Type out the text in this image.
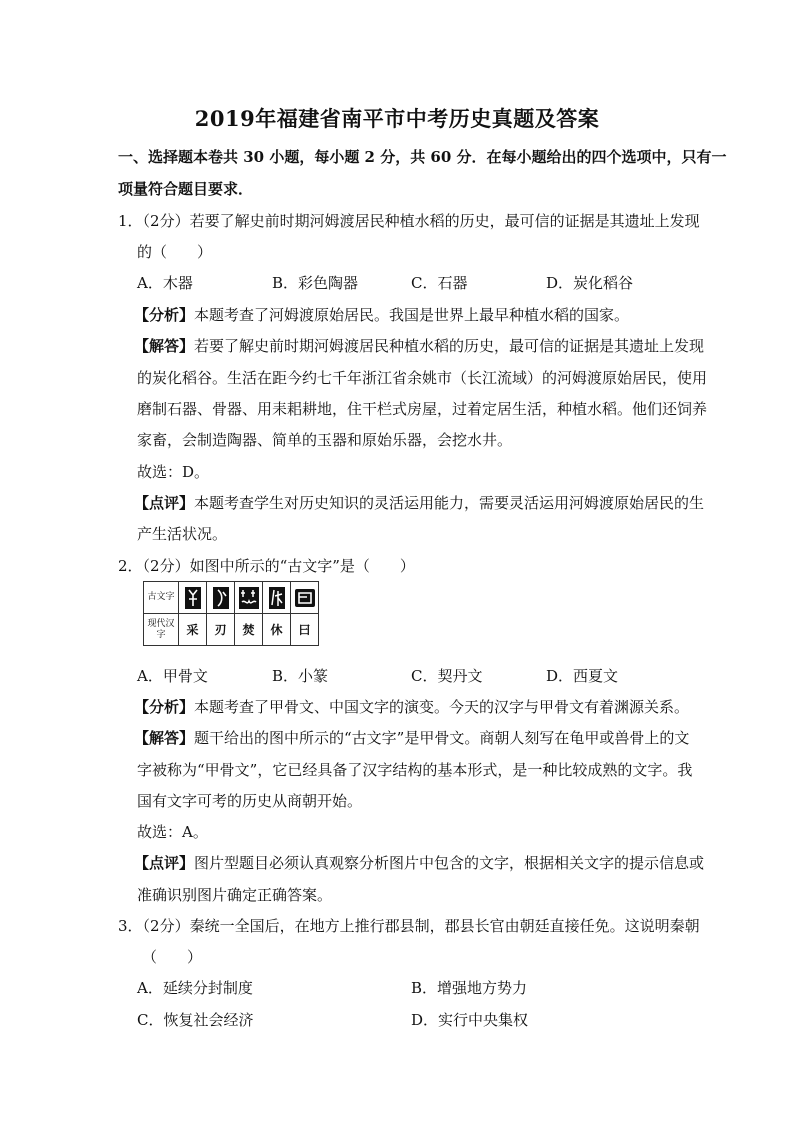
2019年福建省南平市中考历史真题及答案
一、选择题本卷共 30 小题，每小题 2 分，共 60 分．在每小题给出的四个选项中，只有一
项量符合题目要求．
1．（2分）若要了解史前时期河姆渡居民种植水稻的历史，最可信的证据是其遗址上发现
的（　　）
A．木器	B．彩色陶器	C．石器	D．炭化稻谷
【分析】本题考查了河姆渡原始居民。我国是世界上最早种植水稻的国家。
【解答】若要了解史前时期河姆渡居民种植水稻的历史，最可信的证据是其遗址上发现
的炭化稻谷。生活在距今约七千年浙江省余姚市（长江流域）的河姆渡原始居民，使用
磨制石器、骨器、用耒耜耕地，住干栏式房屋，过着定居生活，种植水稻。他们还饲养
家畜，会制造陶器、简单的玉器和原始乐器，会挖水井。
故选：D。
【点评】本题考查学生对历史知识的灵活运用能力，需要灵活运用河姆渡原始居民的生
产生活状况。
2．（2分）如图中所示的“古文字”是（　　）
古文字	

现代汉字	采	刃	焚	休	曰
A．甲骨文	B．小篆	C．契丹文	D．西夏文
【分析】本题考查了甲骨文、中国文字的演变。今天的汉字与甲骨文有着渊源关系。
【解答】题干给出的图中所示的“古文字”是甲骨文。商朝人刻写在龟甲或兽骨上的文
字被称为“甲骨文”，它已经具备了汉字结构的基本形式，是一种比较成熟的文字。我
国有文字可考的历史从商朝开始。
故选：A。
【点评】图片型题目必须认真观察分析图片中包含的文字，根据相关文字的提示信息或
准确识别图片确定正确答案。
3．（2分）秦统一全国后，在地方上推行郡县制，郡县长官由朝廷直接任免。这说明秦朝
（　　）
A．延续分封制度	B．增强地方势力
C．恢复社会经济	D．实行中央集权
